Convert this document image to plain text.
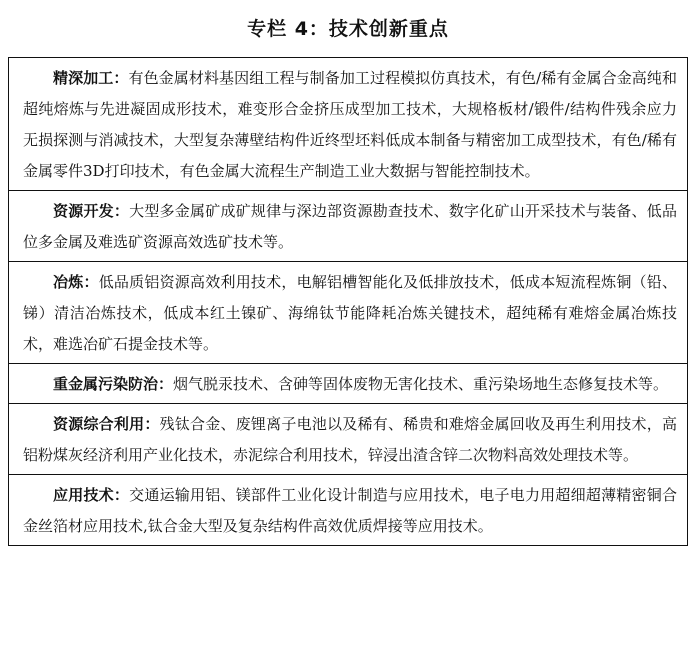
专栏 4：技术创新重点
精深加工：有色金属材料基因组工程与制备加工过程模拟仿真技术，有色/稀有金属合金高纯和超纯熔炼与先进凝固成形技术，难变形合金挤压成型加工技术，大规格板材/锻件/结构件残余应力无损探测与消减技术，大型复杂薄壁结构件近终型坯料低成本制备与精密加工成型技术，有色/稀有金属零件3D打印技术，有色金属大流程生产制造工业大数据与智能控制技术。
资源开发：大型多金属矿成矿规律与深边部资源勘查技术、数字化矿山开采技术与装备、低品位多金属及难选矿资源高效选矿技术等。
冶炼：低品质铝资源高效利用技术，电解铝槽智能化及低排放技术，低成本短流程炼铜（铅、锑）清洁冶炼技术，低成本红土镍矿、海绵钛节能降耗冶炼关键技术，超纯稀有难熔金属冶炼技术，难选冶矿石提金技术等。
重金属污染防治：烟气脱汞技术、含砷等固体废物无害化技术、重污染场地生态修复技术等。
资源综合利用：残钛合金、废锂离子电池以及稀有、稀贵和难熔金属回收及再生利用技术，高铝粉煤灰经济利用产业化技术，赤泥综合利用技术，锌浸出渣含锌二次物料高效处理技术等。
应用技术：交通运输用铝、镁部件工业化设计制造与应用技术，电子电力用超细超薄精密铜合金丝箔材应用技术,钛合金大型及复杂结构件高效优质焊接等应用技术。
